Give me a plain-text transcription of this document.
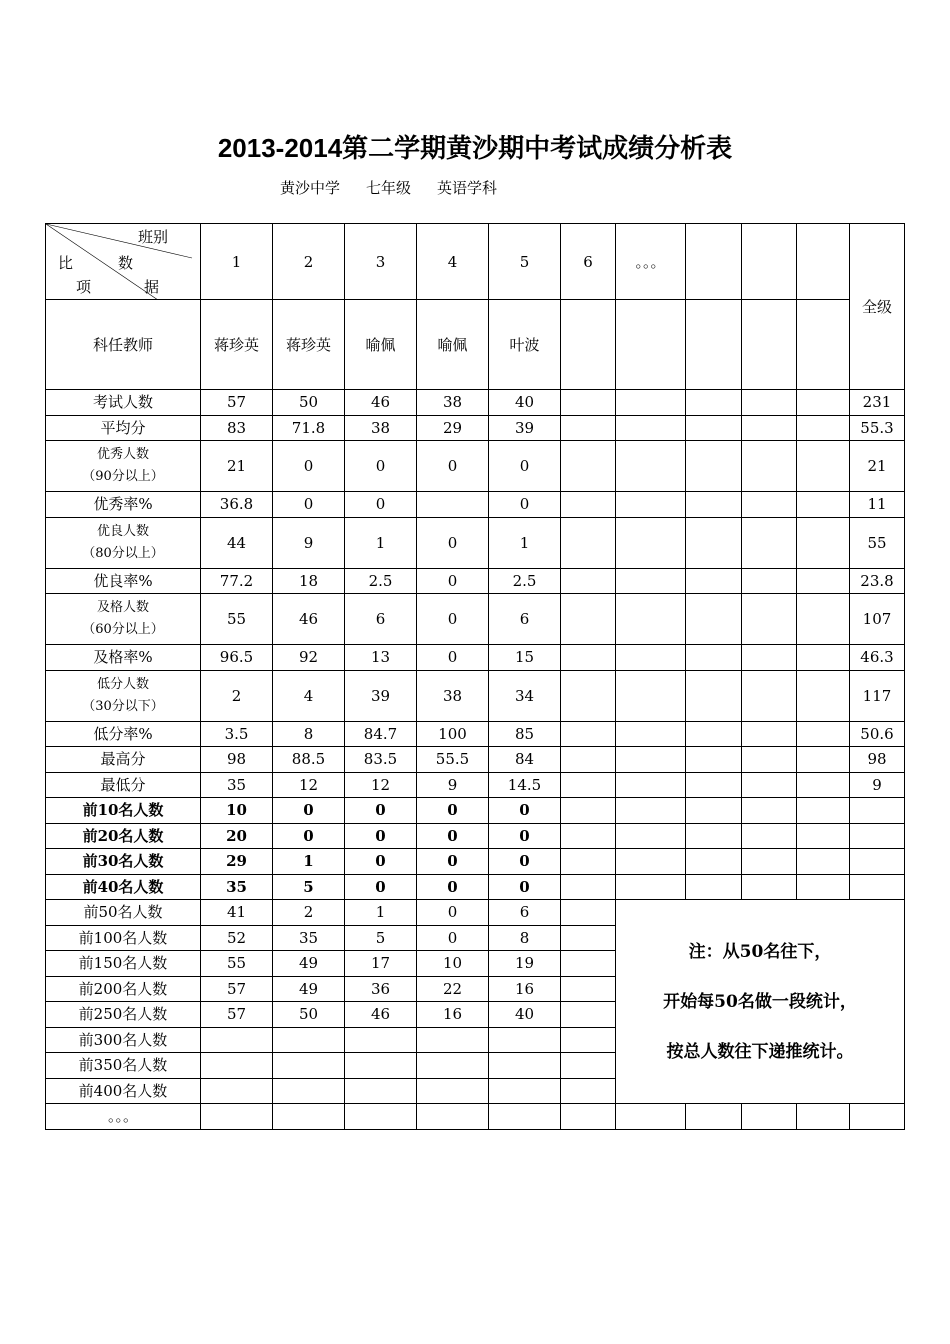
2013-2014第二学期黄沙期中考试成绩分析表
黄沙中学 七年级 英语学科
班别
比 数
项 据	1	2	3	4	5	6	。。。				全级
科任教师	蒋珍英	蒋珍英	喻佩	喻佩	叶波						
考试人数	57	50	46	38	40						231
平均分	83	71.8	38	29	39						55.3

优秀人数
（90分以上）	21	0	0	0	0						21
优秀率%	36.8	0	0		0						11

优良人数
（80分以上）	44	9	1	0	1						55
优良率%	77.2	18	2.5	0	2.5						23.8

及格人数
（60分以上）	55	46	6	0	6						107
及格率%	96.5	92	13	0	15						46.3

低分人数
（30分以下）	2	4	39	38	34						117
低分率%	3.5	8	84.7	100	85						50.6
最高分	98	88.5	83.5	55.5	84						98
最低分	35	12	12	9	14.5						9
前10名人数	10	0	0	0	0						
前20名人数	20	0	0	0	0						
前30名人数	29	1	0	0	0						
前40名人数	35	5	0	0	0						
前50名人数	41	2	1	0	6		注：从50名往下，
开始每50名做一段统计，
按总人数往下递推统计。				

前100名人数	52	35	5	0	8						
前150名人数	55	49	17	10	19						
前200名人数	57	49	36	22	16						
前250名人数	57	50	46	16	40						
前300名人数											
前350名人数											
前400名人数											
。。。											
